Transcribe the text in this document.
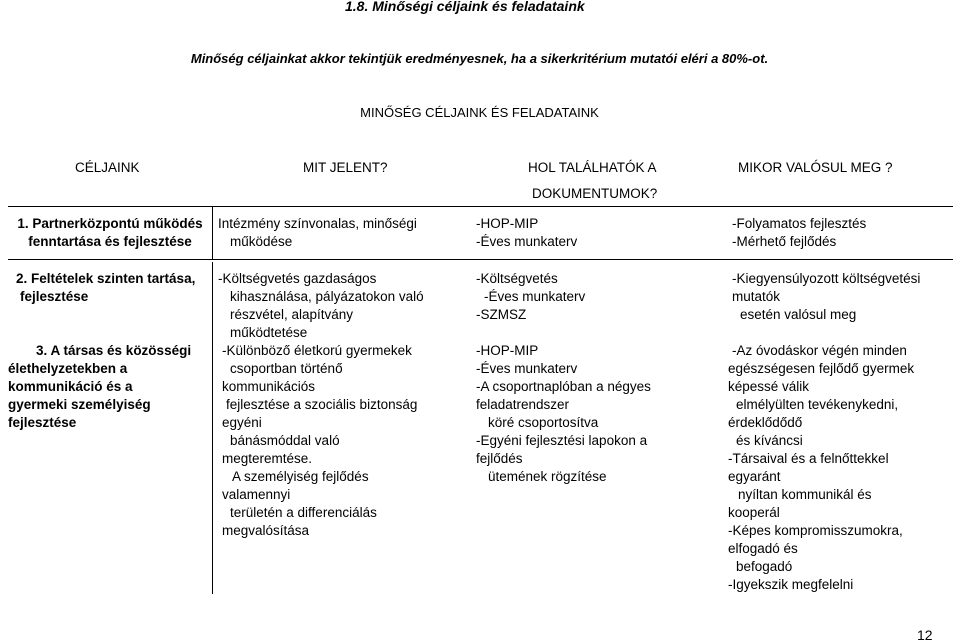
1.8. Minőségi céljaink és feladataink
Minőség céljainkat akkor tekintjük eredményesnek, ha a sikerkritérium mutatói eléri a 80%-ot.
MINŐSÉG CÉLJAINK ÉS FELADATAINK
CÉLJAINK	MIT JELENT?	HOL TALÁLHATÓK A
DOKUMENTUMOK?
MIKOR VALÓSUL MEG ?
1. Partnerközpontú működés
fenntartása és fejlesztése
Intézmény színvonalas, minőségi
működése
-HOP-MIP
-Éves munkaterv
-Folyamatos fejlesztés
-Mérhető fejlődés
2. Feltételek szinten tartása,
fejlesztése
-Költségvetés gazdaságos
kihasználása, pályázatokon való
részvétel, alapítvány
működtetése
-Költségvetés
-Éves munkaterv
-SZMSZ
-Kiegyensúlyozott költségvetési
mutatók
esetén valósul meg
3. A társas és közösségi
élethelyzetekben a
kommunikáció és a
gyermeki személyiség
fejlesztése
-Különböző életkorú gyermekek
csoportban történő
kommunikációs
fejlesztése a szociális biztonság
egyéni
bánásmóddal való
megteremtése.
A személyiség fejlődés
valamennyi
területén a differenciálás
megvalósítása
-HOP-MIP
-Éves munkaterv
-A csoportnaplóban a négyes
feladatrendszer
köré csoportosítva
-Egyéni fejlesztési lapokon a
fejlődés
ütemének rögzítése
-Az óvodáskor végén minden
egészségesen fejlődő gyermek
képessé válik
elmélyülten tevékenykedni,
érdeklődődő
és kíváncsi
-Társaival és a felnőttekkel
egyaránt
nyíltan kommunikál és
kooperál
-Képes kompromisszumokra,
elfogadó és
befogadó
-Igyekszik megfelelni
12
